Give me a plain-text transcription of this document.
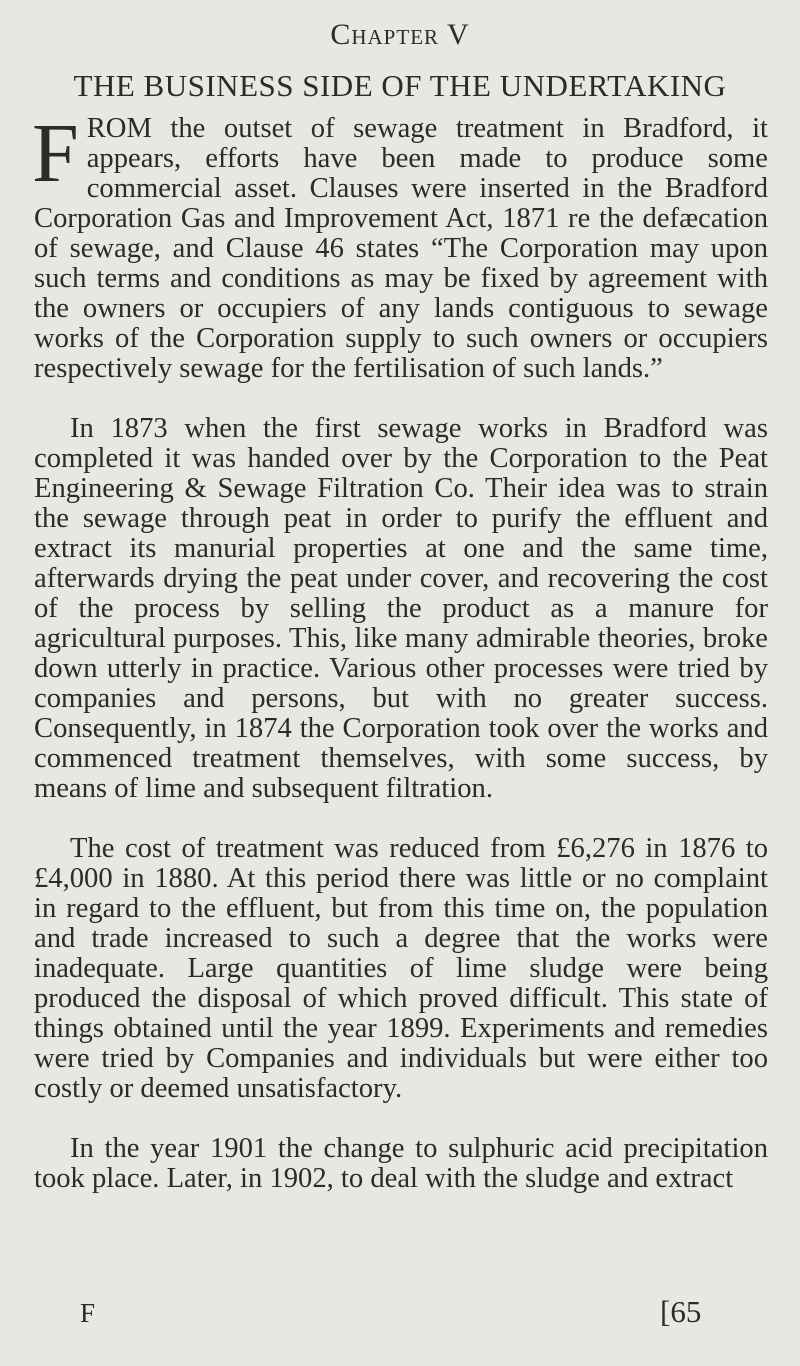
Chapter V
THE BUSINESS SIDE OF THE UNDERTAKING

FROM the outset of sewage treatment in Bradford, it appears, efforts have been made to produce some commercial asset. Clauses were inserted in the Bradford Corporation Gas and Improvement Act, 1871 re the defæcation of sewage, and Clause 46 states “The Corporation may upon such terms and conditions as may be fixed by agreement with the owners or occupiers of any lands contiguous to sewage works of the Corporation supply to such owners or occupiers respectively sewage for the fertilisation of such lands.”

In 1873 when the first sewage works in Bradford was completed it was handed over by the Corporation to the Peat Engineering & Sewage Filtration Co. Their idea was to strain the sewage through peat in order to purify the effluent and extract its manurial properties at one and the same time, afterwards drying the peat under cover, and recovering the cost of the process by selling the product as a manure for agricultural purposes. This, like many admirable theories, broke down utterly in practice. Various other processes were tried by companies and persons, but with no greater success. Consequently, in 1874 the Corporation took over the works and commenced treatment themselves, with some success, by means of lime and subsequent filtration.

The cost of treatment was reduced from £6,276 in 1876 to £4,000 in 1880. At this period there was little or no complaint in regard to the effluent, but from this time on, the population and trade increased to such a degree that the works were inadequate. Large quantities of lime sludge were being produced the disposal of which proved difficult. This state of things obtained until the year 1899. Experiments and remedies were tried by Companies and individuals but were either too costly or deemed unsatisfactory.

In the year 1901 the change to sulphuric acid precipitation took place. Later, in 1902, to deal with the sludge and extract

F	[65
